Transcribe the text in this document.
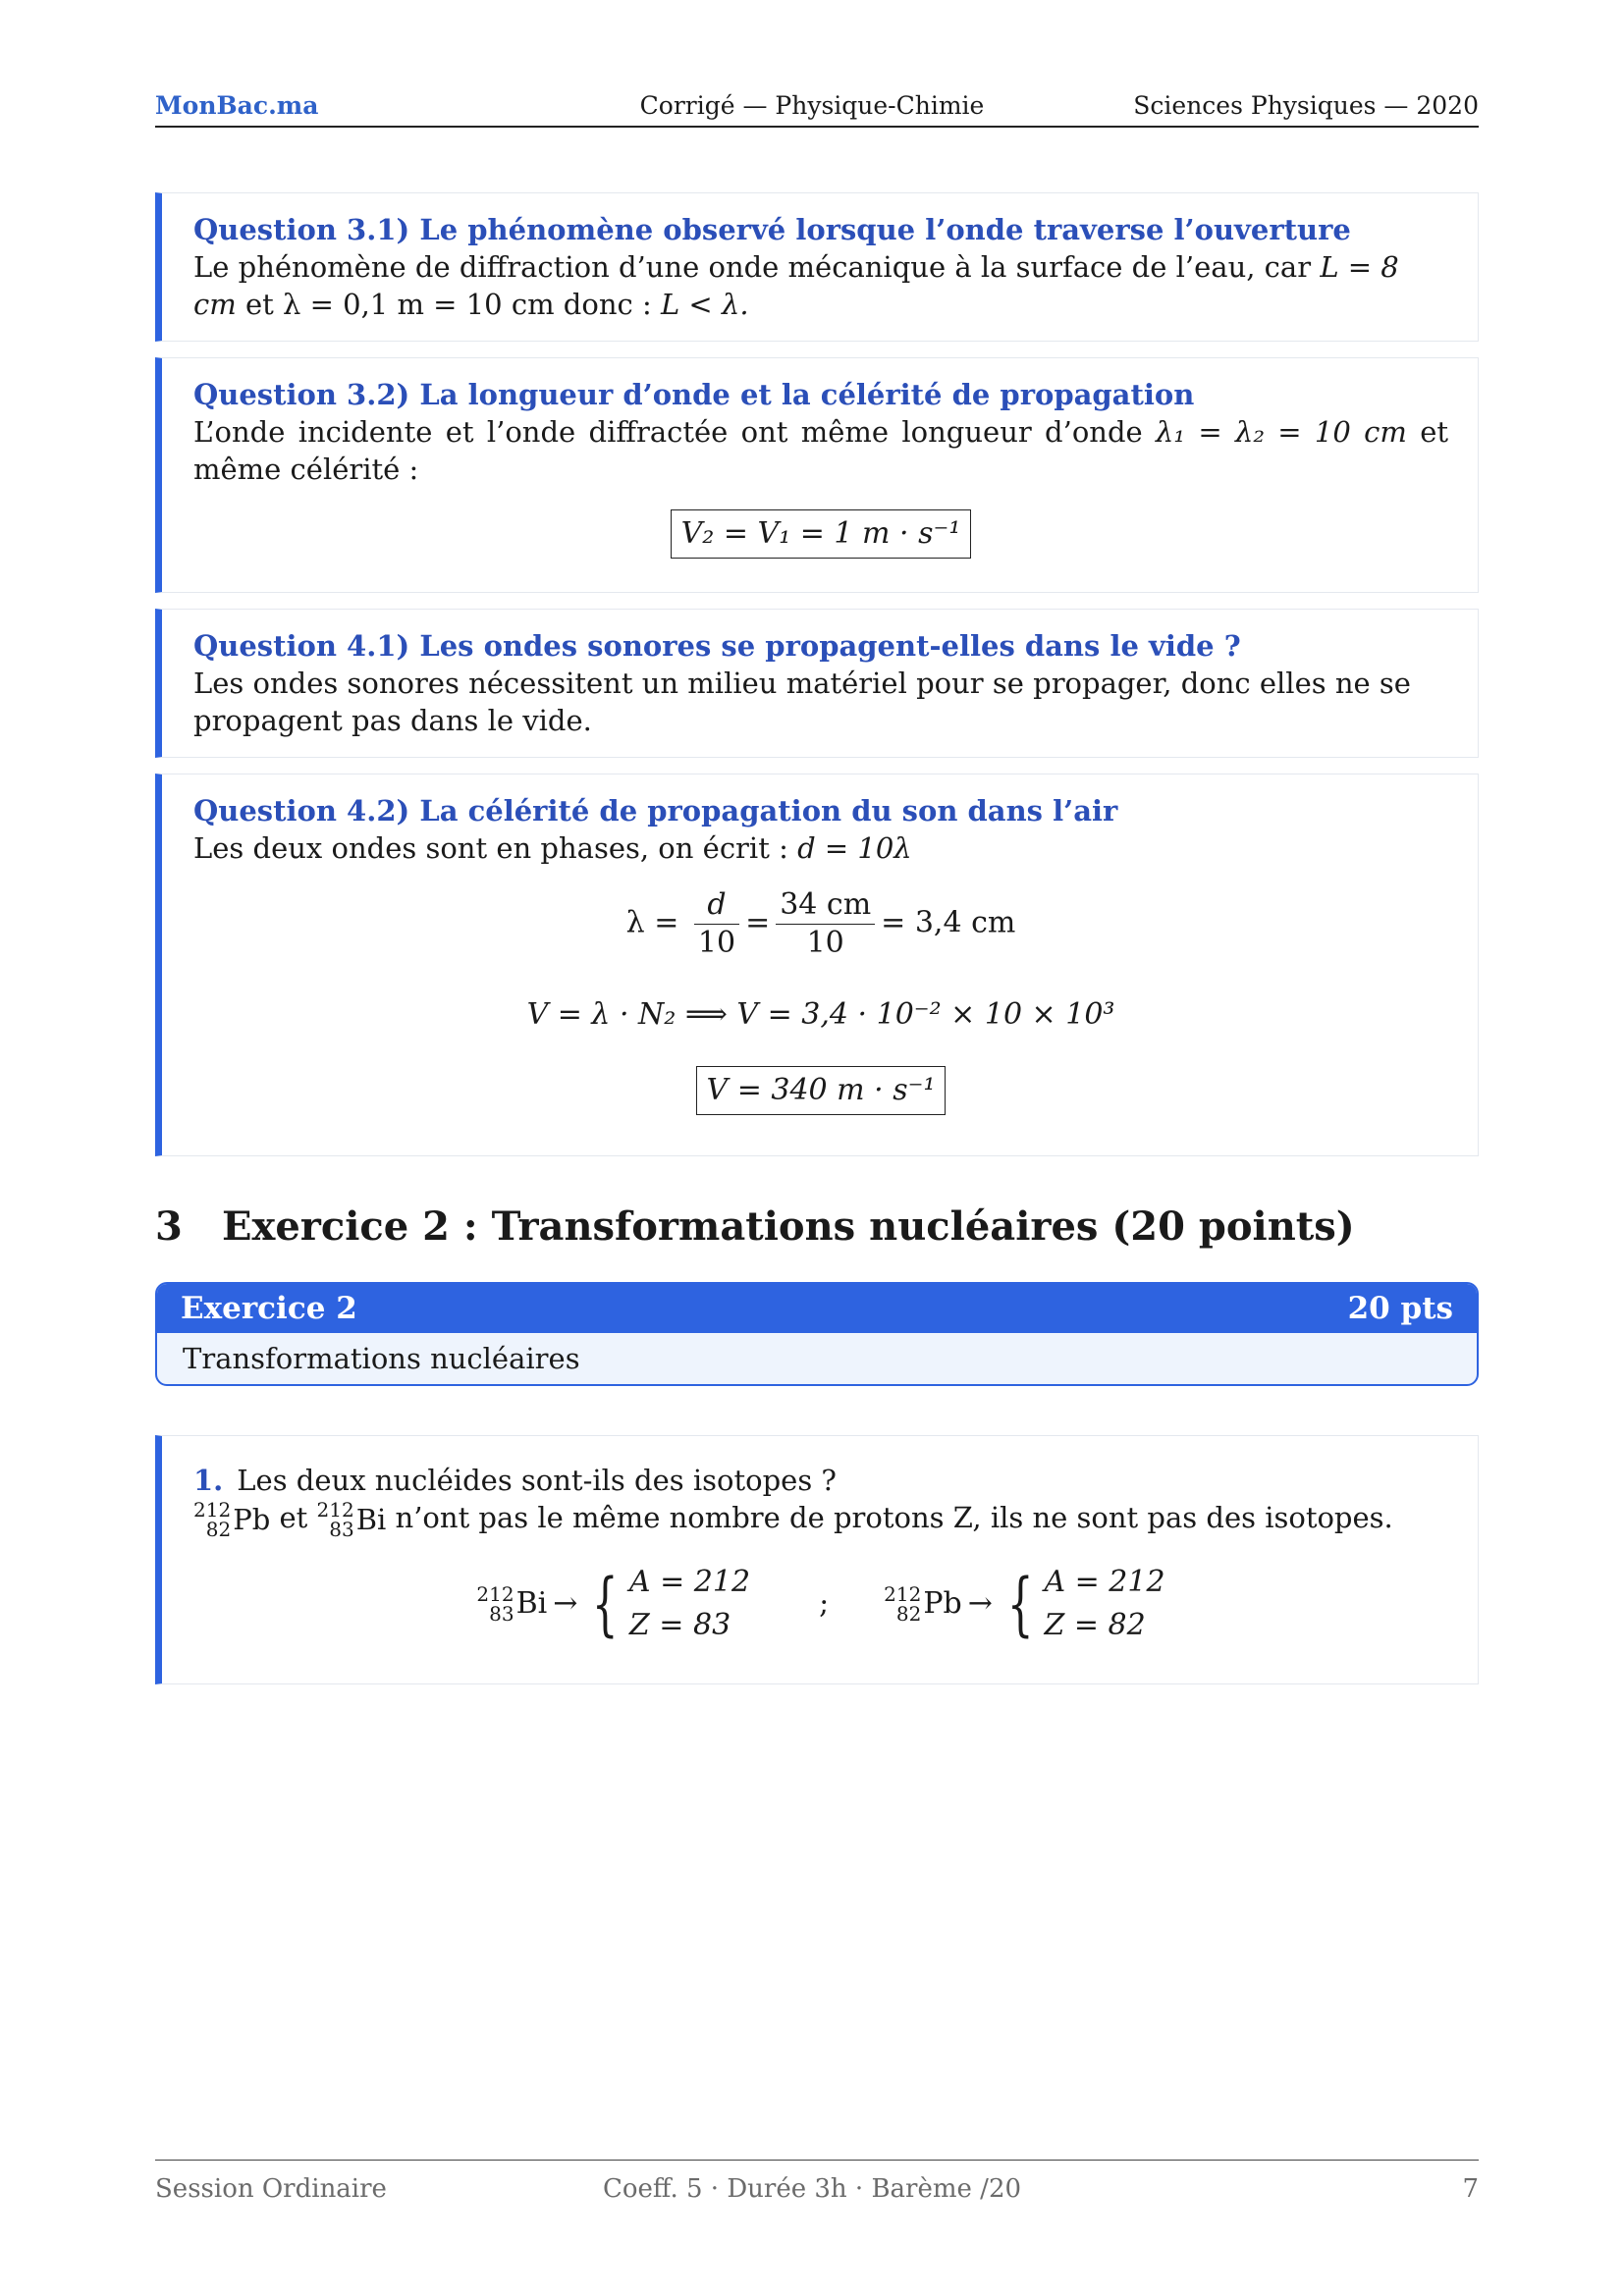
MonBac.ma	Corrigé — Physique-Chimie	Sciences Physiques — 2020
Question 3.1) Le phénomène observé lorsque l’onde traverse l’ouverture
Le phénomène de diffraction d’une onde mécanique à la surface de l’eau, car L = 8 cm et λ = 0,1 m = 10 cm donc : L < λ.
Question 3.2) La longueur d’onde et la célérité de propagation
L’onde incidente et l’onde diffractée ont même longueur d’onde λ₁ = λ₂ = 10 cm et même célérité :
V₂ = V₁ = 1 m · s⁻¹
Question 4.1) Les ondes sonores se propagent-elles dans le vide ?
Les ondes sonores nécessitent un milieu matériel pour se propager, donc elles ne se propagent pas dans le vide.
Question 4.2) La célérité de propagation du son dans l’air
Les deux ondes sont en phases, on écrit : d = 10λ
$\lambda = \frac{d}{10} = \frac{34 cm}{10} = 3,4$ cm
V = λ · N₂ ⟹ V = 3,4 · 10⁻² × 10 × 10³
V = 340 m · s⁻¹
3 Exercice 2 : Transformations nucléaires (20 points)
Exercice 2	20 pts
Transformations nucléaires
1. Les deux nucléides sont-ils des isotopes ?
212
82 Pb et 212
83 Bi n’ont pas le même nombre de protons Z, ils ne sont pas des isotopes.
212
83 Bi → { A = 212
Z = 83
;	212
82 Pb → { A = 212
Z = 82
Session Ordinaire	Coeff. 5 · Durée 3h · Barème /20	7
